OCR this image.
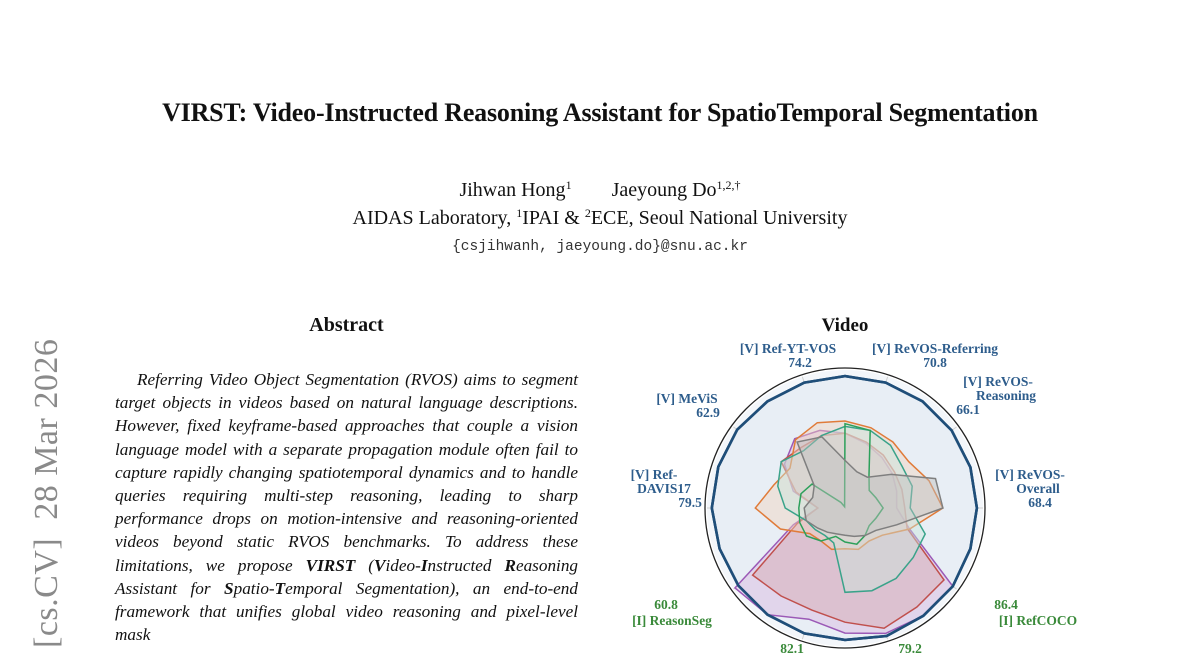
[cs.CV]  28 Mar 2026
VIRST: Video-Instructed Reasoning Assistant for SpatioTemporal Segmentation
Jihwan Hong$^1$ Jaeyoung $Do^{1,2,\dagger}$
AIDAS Laboratory, $^1$IPAI & $^2$ECE, Seoul National University
{csjihwanh, jaeyoung.do}@snu.ac.kr
Abstract
Referring Video Object Segmentation (RVOS) aims to segment target objects in videos based on natural language descriptions. However, fixed keyframe-based approaches that couple a vision language model with a separate propagation module often fail to capture rapidly changing spatiotemporal dynamics and to handle queries requiring multi-step reasoning, leading to sharp performance drops on motion-intensive and reasoning-oriented videos beyond static RVOS benchmarks. To address these limitations, we propose VIRST (Video-Instructed Reasoning Assistant for Spatio-Temporal Segmentation), an end-to-end framework that unifies global video reasoning and pixel-level mask
Video
[V] Ref-YT-VOS 74.2
[V] ReVOS-Referring 70.8
[V] ReVOS-Reasoning 66.1
[V] ReVOS-Overall 68.4
86.4 [I] RefCOCO
79.2
82.1
60.8 [I] ReasonSeg
[V] Ref-DAVIS17 79.5
[V] MeViS 62.9
